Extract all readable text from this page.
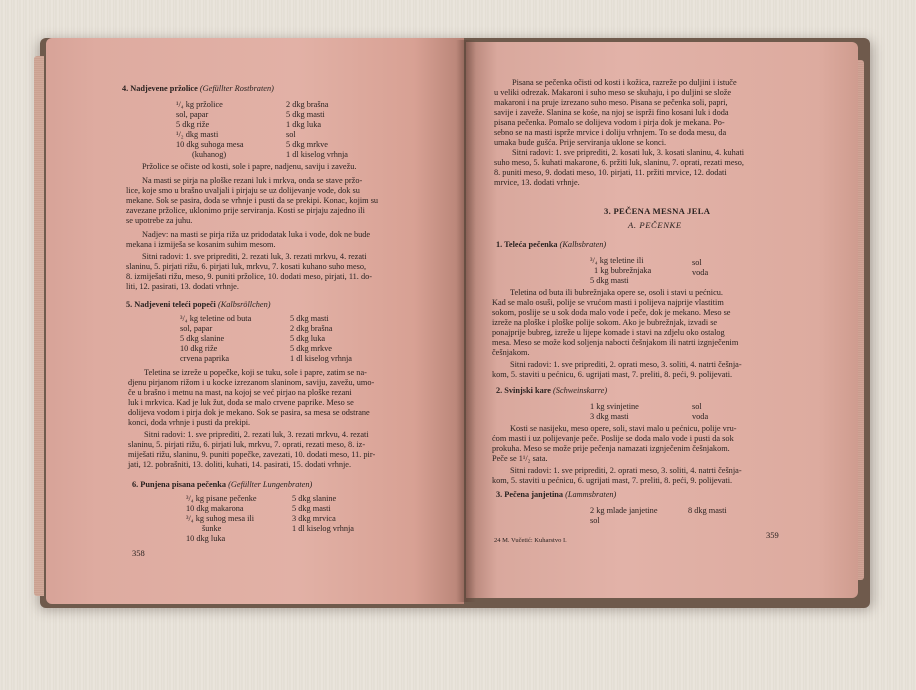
4. Nadjevene pržolice (Gefüllter Rostbraten)
¹/₄ kg pržolice
sol, papar
5 dkg riže
¹/₂ dkg masti
10 dkg suhoga mesa
(kuhanog)
2 dkg brašna
5 dkg masti
1 dkg luka
sol
5 dkg mrkve
1 dl kiselog vrhnja
Pržolice se očiste od kosti, sole i papre, nadjenu, saviju i zavežu.
Na masti se pirja na ploške rezani luk i mrkva, onda se stave pržo-
lice, koje smo u brašno uvaljali i pirjaju se uz dolijevanje vode, dok su
mekane. Sok se pasira, doda se vrhnje i pusti da se prekipi. Konac, kojim su
zavezane pržolice, uklonimo prije serviranja. Kosti se pirjaju zajedno ili
se upotrebe za juhu.
Nadjev: na masti se pirja riža uz pridodatak luka i vode, dok ne bude
mekana i izmiješa se kosanim suhim mesom.
Sitni radovi: 1. sve priprediti, 2. rezati luk, 3. rezati mrkvu, 4. rezati
slaninu, 5. pirjati rižu, 6. pirjati luk, mrkvu, 7. kosati kuhano suho meso,
8. izmiješati rižu, meso, 9. puniti pržolice, 10. dodati meso, pirjati, 11. do-
liti, 12. pasirati, 13. dodati vrhnje.
5. Nadjeveni teleći popeči (Kalbsröllchen)
³/₄ kg teletine od buta
sol, papar
5 dkg slanine
10 dkg riže
crvena paprika
5 dkg masti
2 dkg brašna
5 dkg luka
5 dkg mrkve
1 dl kiselog vrhnja
Teletina se izreže u popečke, koji se tuku, sole i papre, zatim se na-
djenu pirjanom rižom i u kocke izrezanom slaninom, saviju, zavežu, umo-
če u brašno i metnu na mast, na kojoj se već pirjao na ploške rezani
luk i mrkvica. Kad je luk žut, doda se malo crvene paprike. Meso se
dolijeva vodom i pirja dok je mekano. Sok se pasira, sa mesa se odstrane
konci, doda vrhnje i pusti da prekipi.
Sitni radovi: 1. sve priprediti, 2. rezati luk, 3. rezati mrkvu, 4. rezati
slaninu, 5. pirjati rižu, 6. pirjati luk, mrkvu, 7. oprati, rezati meso, 8. iz-
miješati rižu, slaninu, 9. puniti popečke, zavezati, 10. dodati meso, 11. pir-
jati, 12. pobrašniti, 13. doliti, kuhati, 14. pasirati, 15. dodati vrhnje.
6. Punjena pisana pečenka (Gefüllter Lungenbraten)
³/₄ kg pisane pečenke
10 dkg makarona
³/₄ kg suhog mesa ili
šunke
10 dkg luka
5 dkg slanine
5 dkg masti
3 dkg mrvica
1 dl kiselog vrhnja
358
Pisana se pečenka očisti od kosti i kožica, razreže po duljini i istuče
u veliki odrezak. Makaroni i suho meso se skuhaju, i po duljini se slože
makaroni i na pruje izrezano suho meso. Pisana se pečenka soli, papri,
savije i zaveže. Slanina se kośe, na njoj se isprži fino kosani luk i doda
pisana pečenka. Pomalo se dolijeva vodom i pirja dok je mekana. Po-
sebno se na masti isprže mrvice i doliju vrhnjem. To se doda mesu, da
umaka bude gušća. Prije serviranja uklone se konci.
Sitni radovi: 1. sve priprediti, 2. kosati luk, 3. kosati slaninu, 4. kuhati
suho meso, 5. kuhati makarone, 6. pržiti luk, slaninu, 7. oprati, rezati meso,
8. puniti meso, 9. dodati meso, 10. pirjati, 11. pržiti mrvice, 12. dodati
mrvice, 13. dodati vrhnje.
3. PEČENA MESNA JELA
A. PEČENKE
1. Teleća pečenka (Kalbsbraten)
³/₄ kg teletine ili
1 kg bubrežnjaka
5 dkg masti
sol
voda
Teletina od buta ili bubrežnjaka opere se, osoli i stavi u pećnicu.
Kad se malo osuši, polije se vrućom masti i polijeva najprije vlastitim
sokom, poslije se u sok doda malo vode i peče, dok je mekano. Meso se
izreže na ploške i ploške polije sokom. Ako je bubrežnjak, izvadi se
ponajprije bubreg, izreže u lijepe komade i stavi na zdjelu oko ostalog
mesa. Meso se može kod soljenja naboсti češnjakom ili natrti izgnječenim
češnjakom.
Sitni radovi: 1. sve priprediti, 2. oprati meso, 3. soliti, 4. natrti češnja-
kom, 5. staviti u pećnicu, 6. ugrijati mast, 7. preliti, 8. peći, 9. polijevati.
2. Svinjski kare (Schweinskarre)
1 kg svinjetine
3 dkg masti
sol
voda
Kosti se nasijeku, meso opere, soli, stavi malo u pećnicu, polije vru-
ćom masti i uz polijevanje peče. Poslije se doda malo vode i pusti da sok
prokuha. Meso se može prije pečenja namazati izgnječenim češnjakom.
Peče se 1¹/₂ sata.
Sitni radovi: 1. sve priprediti, 2. oprati meso, 3. soliti, 4. natrti češnja-
kom, 5. staviti u pećnicu, 6. ugrijati mast, 7. preliti, 8. peći, 9. polijevati.
3. Pečena janjetina (Lammsbraten)
2 kg mlade janjetine
sol
8 dkg masti
24 M. Vučetić: Kuharstvo I.
359
